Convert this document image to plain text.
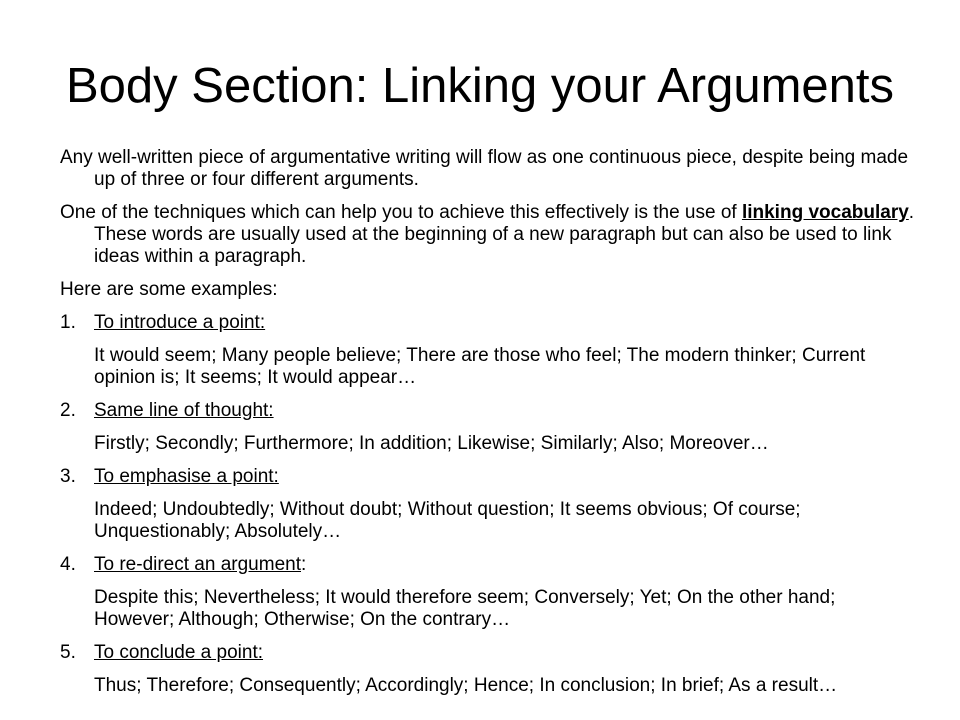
Body Section: Linking your Arguments

Any well-written piece of argumentative writing will flow as one continuous piece, despite being made up of three or four different arguments.

One of the techniques which can help you to achieve this effectively is the use of linking vocabulary. These words are usually used at the beginning of a new paragraph but can also be used to link ideas within a paragraph.

Here are some examples:

1. To introduce a point:
It would seem; Many people believe; There are those who feel; The modern thinker; Current opinion is; It seems; It would appear…
2. Same line of thought:
Firstly; Secondly; Furthermore; In addition; Likewise; Similarly; Also; Moreover…
3. To emphasise a point:
Indeed; Undoubtedly; Without doubt; Without question; It seems obvious; Of course; Unquestionably; Absolutely…
4. To re-direct an argument:
Despite this; Nevertheless; It would therefore seem; Conversely; Yet; On the other hand; However; Although; Otherwise; On the contrary…
5. To conclude a point:
Thus; Therefore; Consequently; Accordingly; Hence; In conclusion; In brief; As a result…
